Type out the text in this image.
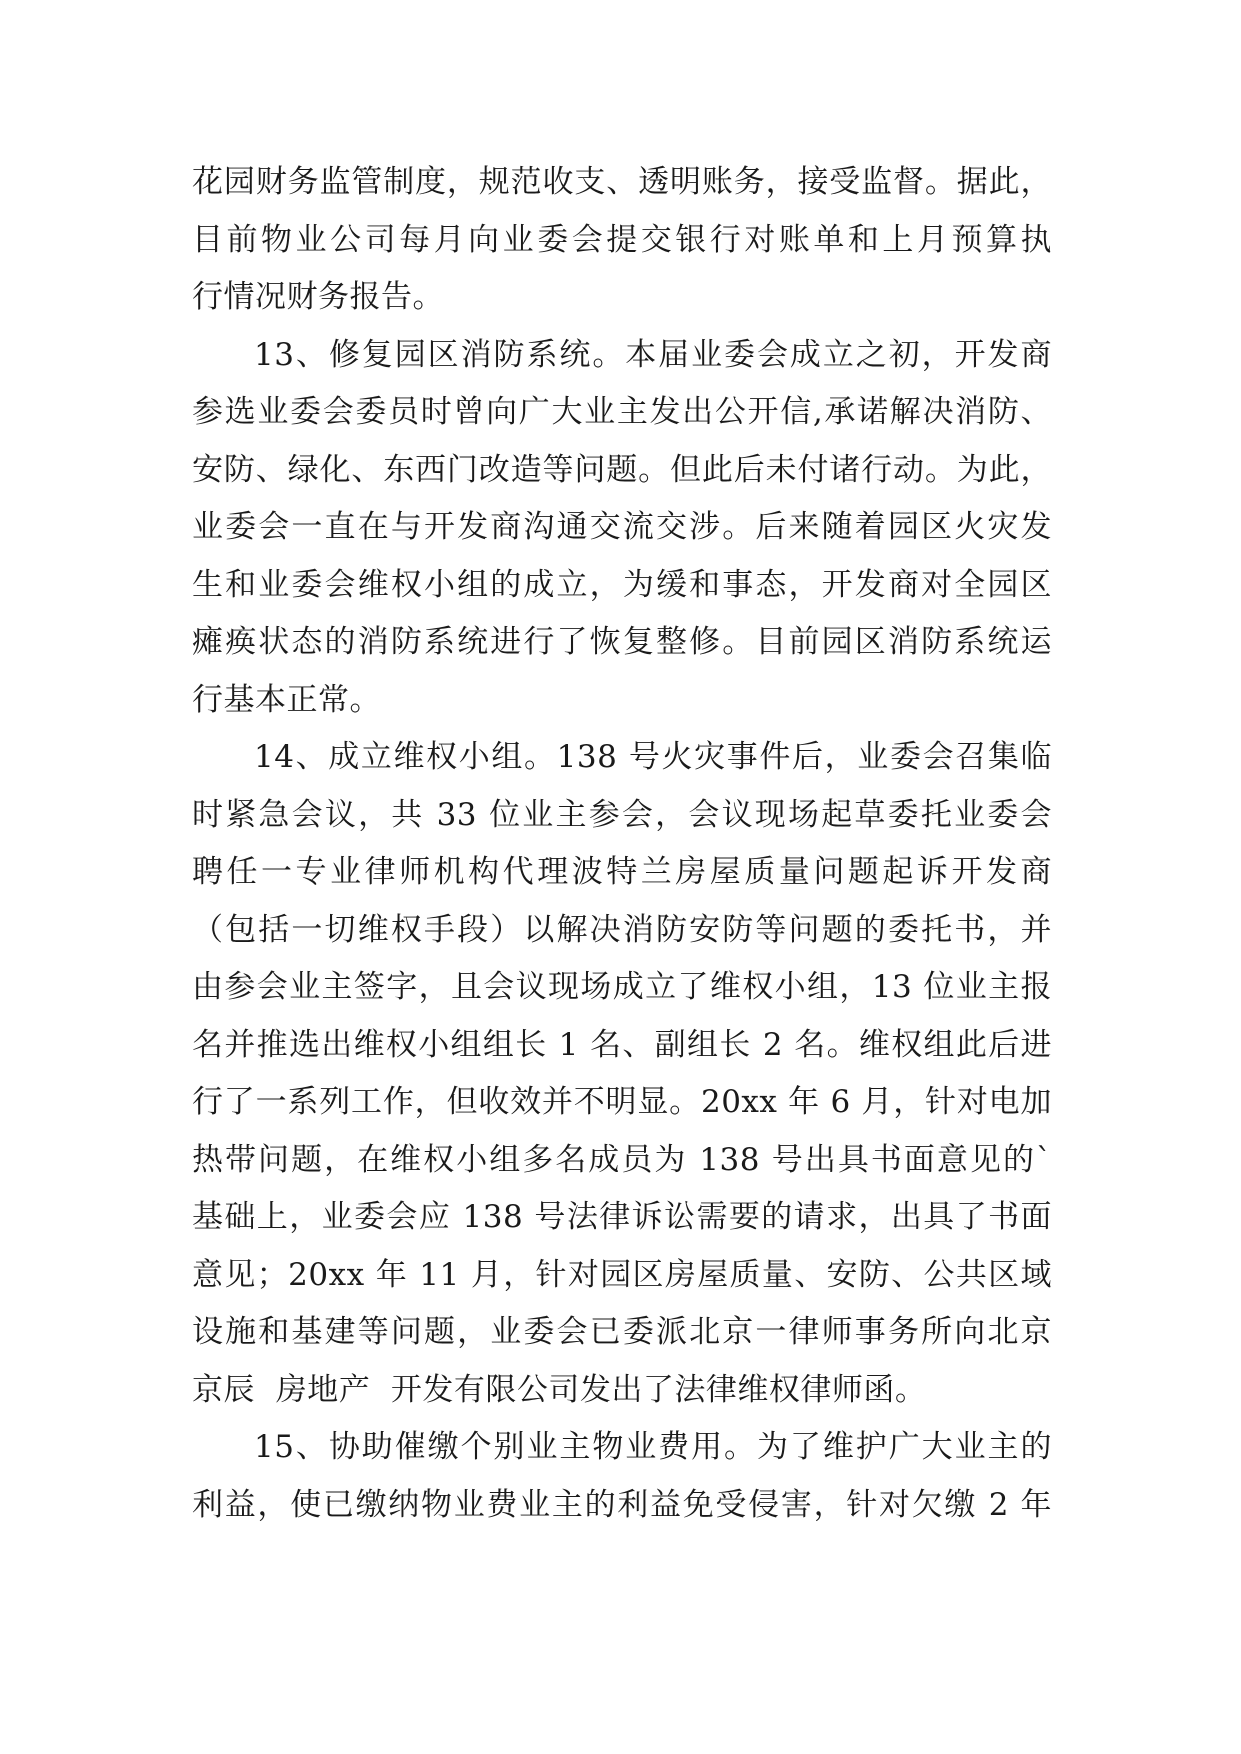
花园财务监管制度，规范收支、透明账务，接受监督。据此，
目前物业公司每月向业委会提交银行对账单和上月预算执
行情况财务报告。
13、修复园区消防系统。本届业委会成立之初，开发商
参选业委会委员时曾向广大业主发出公开信,承诺解决消防、
安防、绿化、东西门改造等问题。但此后未付诸行动。为此，
业委会一直在与开发商沟通交流交涉。后来随着园区火灾发
生和业委会维权小组的成立，为缓和事态，开发商对全园区
瘫痪状态的消防系统进行了恢复整修。目前园区消防系统运
行基本正常。
14、成立维权小组。138 号火灾事件后，业委会召集临
时紧急会议，共 33 位业主参会，会议现场起草委托业委会
聘任一专业律师机构代理波特兰房屋质量问题起诉开发商
（包括一切维权手段）以解决消防安防等问题的委托书，并
由参会业主签字，且会议现场成立了维权小组，13 位业主报
名并推选出维权小组组长 1 名、副组长 2 名。维权组此后进
行了一系列工作，但收效并不明显。20xx 年 6 月，针对电加
热带问题，在维权小组多名成员为 138 号出具书面意见的`
基础上，业委会应 138 号法律诉讼需要的请求，出具了书面
意见；20xx 年 11 月，针对园区房屋质量、安防、公共区域
设施和基建等问题，业委会已委派北京一律师事务所向北京
京辰  房地产  开发有限公司发出了法律维权律师函。
15、协助催缴个别业主物业费用。为了维护广大业主的
利益，使已缴纳物业费业主的利益免受侵害，针对欠缴 2 年
